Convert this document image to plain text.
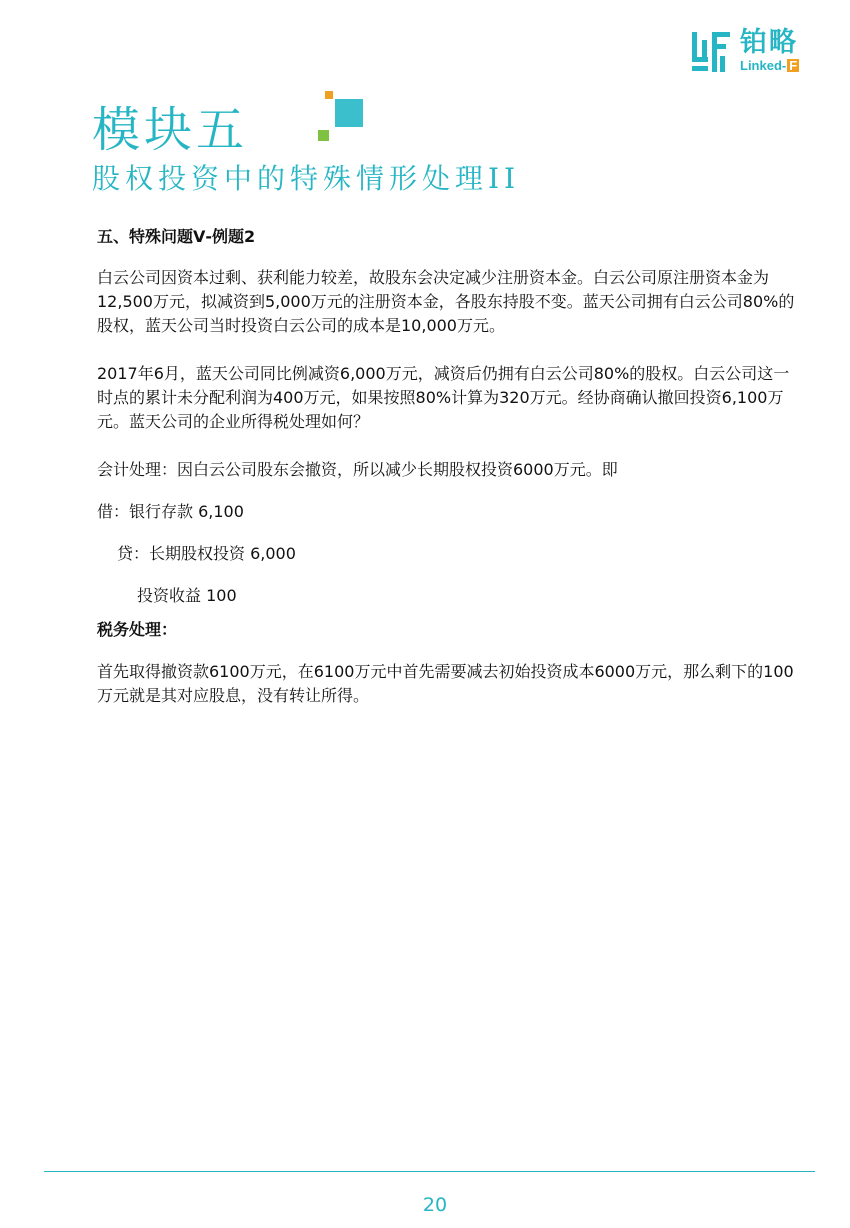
铂略
Linked- F
模块五
股权投资中的特殊情形处理II

五、特殊问题Ⅴ-例题2

白云公司因资本过剩、获利能力较差，故股东会决定减少注册资本金。白云公司原注册资本金为12,500万元，拟减资到5,000万元的注册资本金，各股东持股不变。蓝天公司拥有白云公司80%的股权，蓝天公司当时投资白云公司的成本是10,000万元。

2017年6月，蓝天公司同比例减资6,000万元，减资后仍拥有白云公司80%的股权。白云公司这一时点的累计未分配利润为400万元，如果按照80%计算为320万元。经协商确认撤回投资6,100万元。蓝天公司的企业所得税处理如何？

会计处理：因白云公司股东会撤资，所以减少长期股权投资6000万元。即

借：银行存款 6,100

贷：长期股权投资 6,000

投资收益 100

税务处理：

首先取得撤资款6100万元，在6100万元中首先需要减去初始投资成本6000万元，那么剩下的100万元就是其对应股息，没有转让所得。

20
